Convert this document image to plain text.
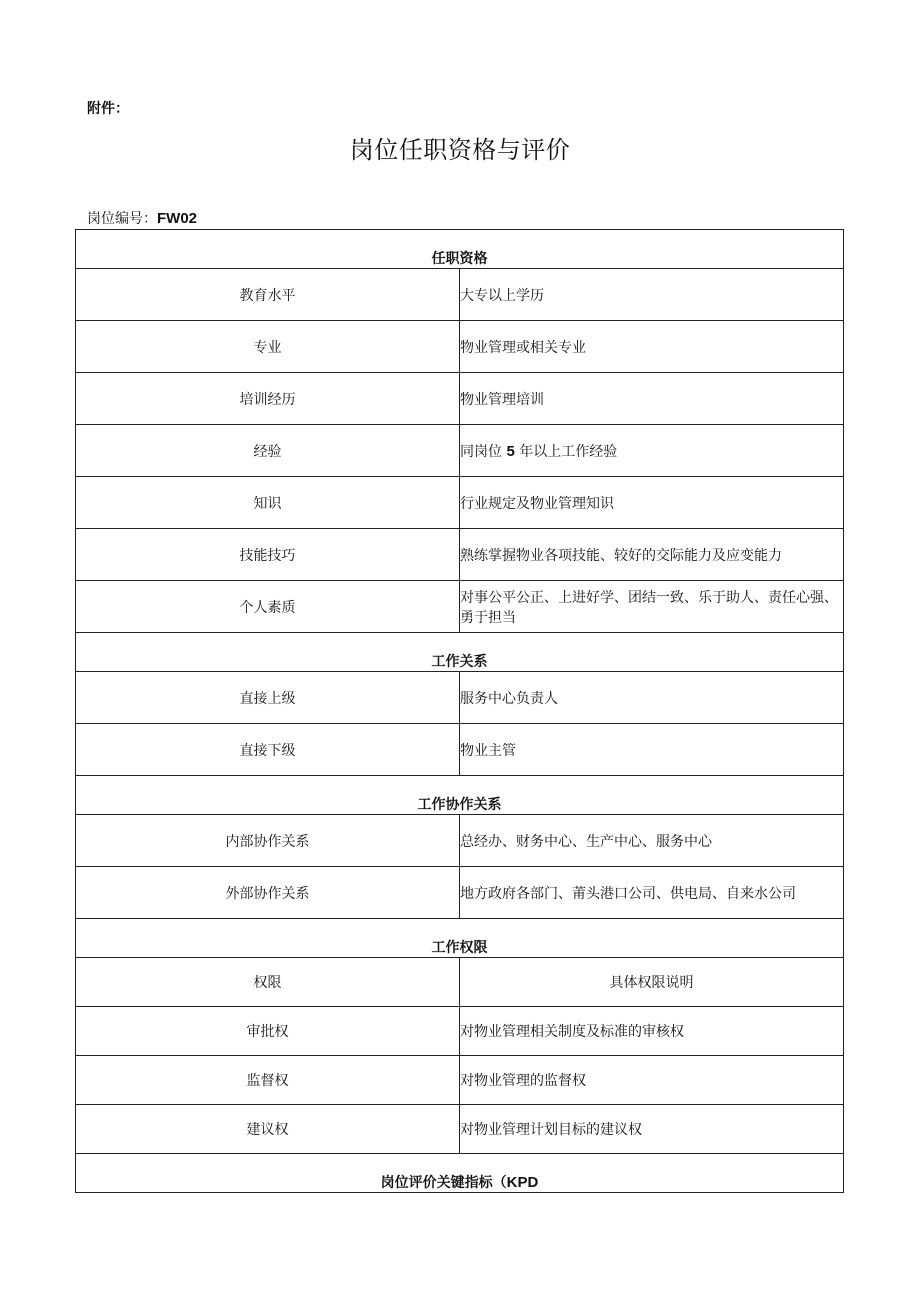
附件：
岗位任职资格与评价
岗位编号：FW02
任职资格	
教育水平	大专以上学历
专业	物业管理或相关专业
培训经历	物业管理培训
经验	同岗位 5 年以上工作经验
知识	行业规定及物业管理知识
技能技巧	熟练掌握物业各项技能、较好的交际能力及应变能力
个人素质	对事公平公正、上进好学、团结一致、乐于助人、责任心强、勇于担当
工作关系	
直接上级	服务中心负责人
直接下级	物业主管
工作协作关系	
内部协作关系	总经办、财务中心、生产中心、服务中心
外部协作关系	地方政府各部门、莆头港口公司、供电局、自来水公司
工作权限	
权限	具体权限说明
审批权	对物业管理相关制度及标准的审核权
监督权	对物业管理的监督权
建议权	对物业管理计划目标的建议权
岗位评价关键指标（KPD	
